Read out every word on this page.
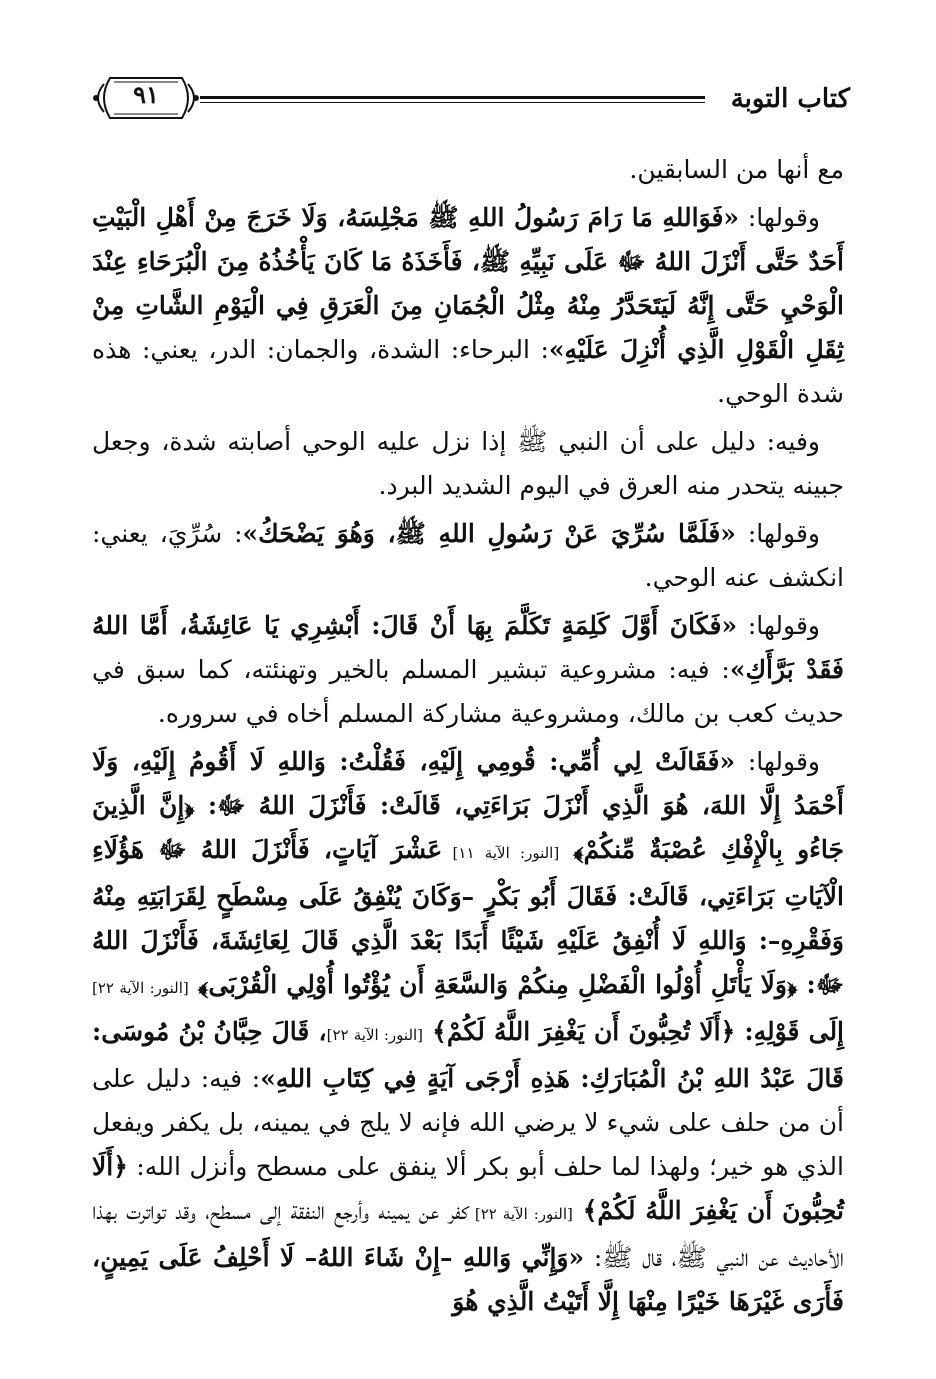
كتاب التوبة
٩١

مع أنها من السابقين.

وقولها: «فَوَاللهِ مَا رَامَ رَسُولُ اللهِ ﷺ مَجْلِسَهُ، وَلَا خَرَجَ مِنْ أَهْلِ الْبَيْتِ أَحَدٌ حَتَّى أَنْزَلَ اللهُ ﷻ عَلَى نَبِيِّهِ ﷺ، فَأَخَذَهُ مَا كَانَ يَأْخُذُهُ مِنَ الْبُرَحَاءِ عِنْدَ الْوَحْيِ حَتَّى إِنَّهُ لَيَتَحَدَّرُ مِنْهُ مِثْلُ الْجُمَانِ مِنَ الْعَرَقِ فِي الْيَوْمِ الشَّاتِ مِنْ ثِقَلِ الْقَوْلِ الَّذِي أُنْزِلَ عَلَيْهِ»: البرحاء: الشدة، والجمان: الدر، يعني: هذه شدة الوحي.

وفيه: دليل على أن النبي ﷺ إذا نزل عليه الوحي أصابته شدة، وجعل جبينه يتحدر منه العرق في اليوم الشديد البرد.

وقولها: «فَلَمَّا سُرِّيَ عَنْ رَسُولِ اللهِ ﷺ، وَهُوَ يَضْحَكُ»: سُرِّيَ، يعني: انكشف عنه الوحي.

وقولها: «فَكَانَ أَوَّلَ كَلِمَةٍ تَكَلَّمَ بِهَا أَنْ قَالَ: أَبْشِرِي يَا عَائِشَةُ، أَمَّا اللهُ فَقَدْ بَرَّأَكِ»: فيه: مشروعية تبشير المسلم بالخير وتهنئته، كما سبق في حديث كعب بن مالك، ومشروعية مشاركة المسلم أخاه في سروره.

وقولها: «فَقَالَتْ لِي أُمِّي: قُومِي إِلَيْهِ، فَقُلْتُ: وَاللهِ لَا أَقُومُ إِلَيْهِ، وَلَا أَحْمَدُ إِلَّا اللهَ، هُوَ الَّذِي أَنْزَلَ بَرَاءَتِي، قَالَتْ: فَأَنْزَلَ اللهُ ﷻ: ﴿إِنَّ الَّذِينَ جَاءُو بِالْإِفْكِ عُصْبَةٌ مِّنكُمْ﴾ [النور: الآية ١١] عَشْرَ آيَاتٍ، فَأَنْزَلَ اللهُ ﷻ هَؤُلَاءِ الْآيَاتِ بَرَاءَتِي، قَالَتْ: فَقَالَ أَبُو بَكْرٍ –وَكَانَ يُنْفِقُ عَلَى مِسْطَحٍ لِقَرَابَتِهِ مِنْهُ وَفَقْرِهِ–: وَاللهِ لَا أُنْفِقُ عَلَيْهِ شَيْئًا أَبَدًا بَعْدَ الَّذِي قَالَ لِعَائِشَةَ، فَأَنْزَلَ اللهُ ﷻ: ﴿وَلَا يَأْتَلِ أُوْلُوا الْفَضْلِ مِنكُمْ وَالسَّعَةِ أَن يُؤْتُوا أُوْلِي الْقُرْبَى﴾ [النور: الآية ٢٢] إِلَى قَوْلِهِ: ﴿أَلَا تُحِبُّونَ أَن يَغْفِرَ اللَّهُ لَكُمْ﴾ [النور: الآية ٢٢]، قَالَ حِبَّانُ بْنُ مُوسَى: قَالَ عَبْدُ اللهِ بْنُ الْمُبَارَكِ: هَذِهِ أَرْجَى آيَةٍ فِي كِتَابِ اللهِ»: فيه: دليل على أن من حلف على شيء لا يرضي الله فإنه لا يلج في يمينه، بل يكفر ويفعل الذي هو خير؛ ولهذا لما حلف أبو بكر ألا ينفق على مسطح وأنزل الله: ﴿أَلَا تُحِبُّونَ أَن يَغْفِرَ اللَّهُ لَكُمْ﴾ [النور: الآية ٢٢] كفر عن يمينه وأرجع النفقة إلى مسطح، وقد تواترت بهذا الأحاديث عن النبي ﷺ، قال ﷺ: «وَإِنِّي وَاللهِ –إِنْ شَاءَ اللهُ– لَا أَحْلِفُ عَلَى يَمِينٍ، فَأَرَى غَيْرَهَا خَيْرًا مِنْهَا إِلَّا أَتَيْتُ الَّذِي هُوَ
